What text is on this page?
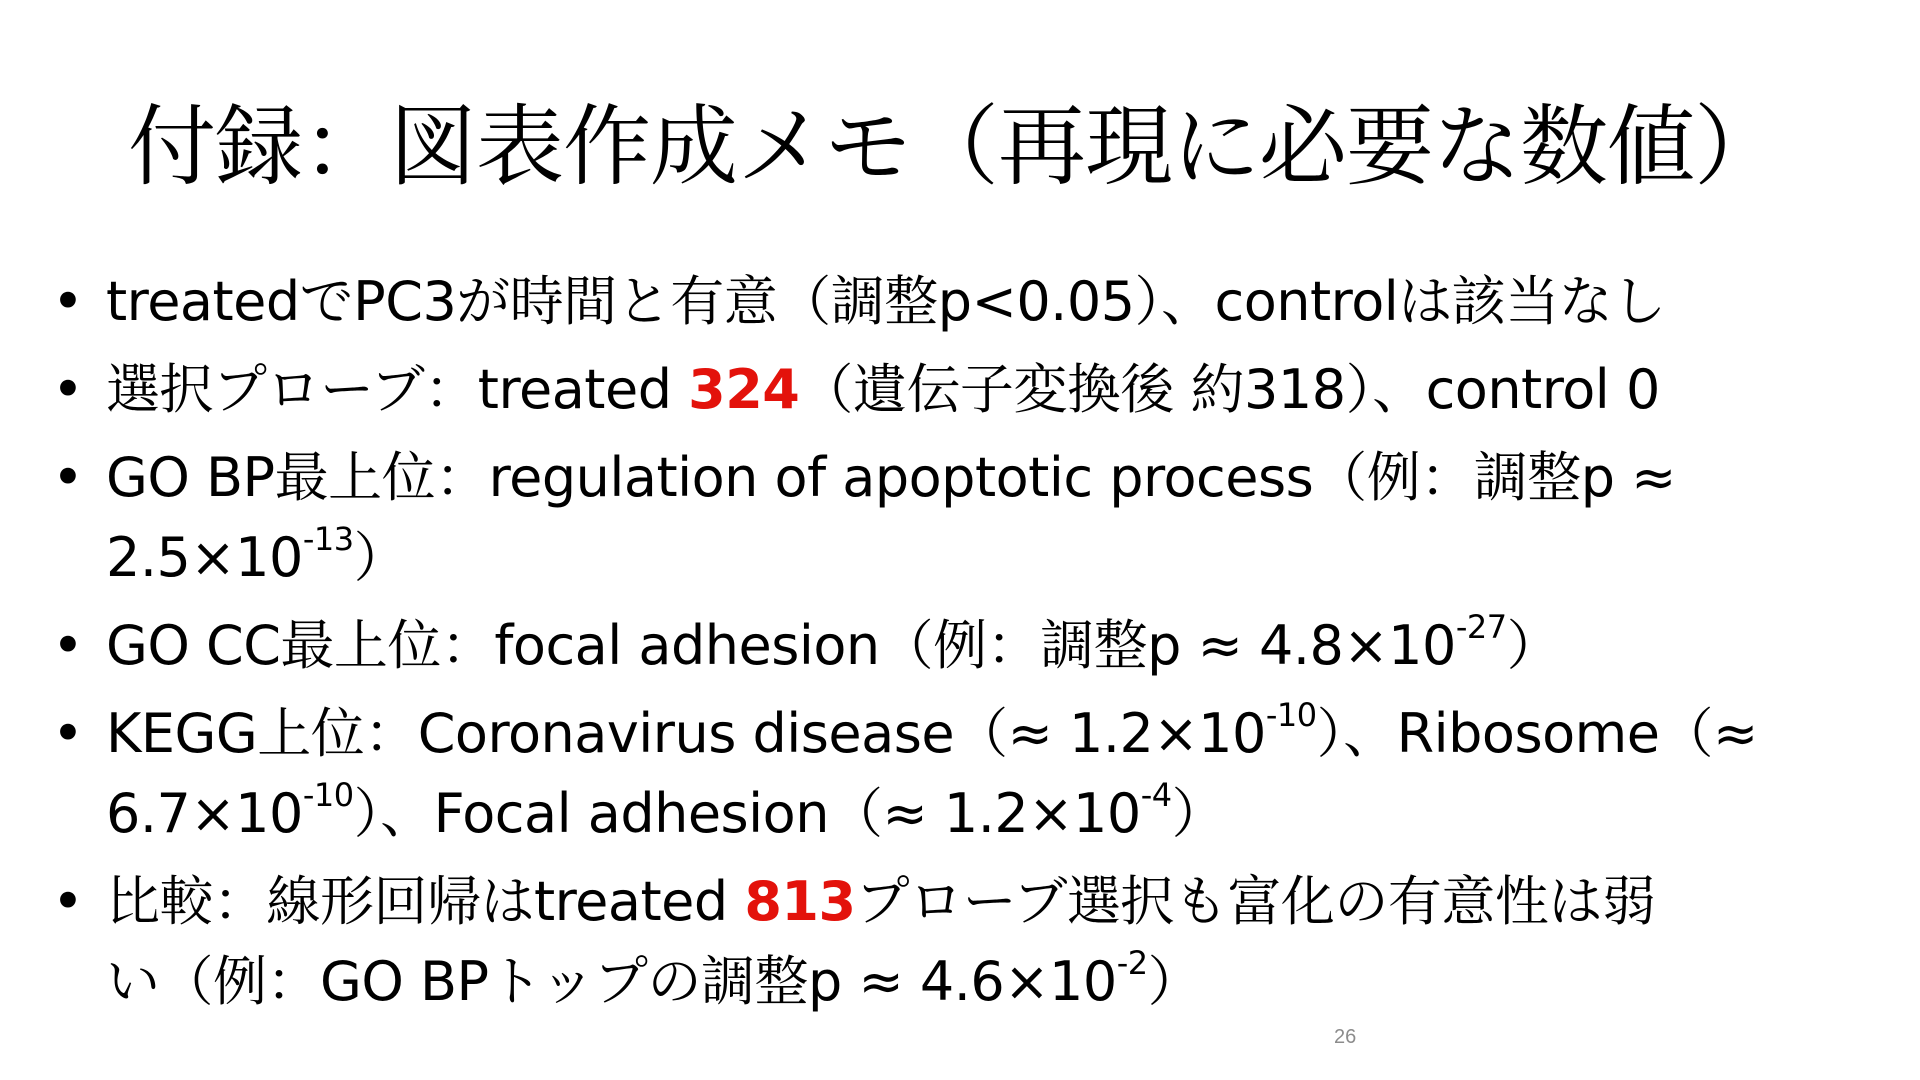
付録：図表作成メモ（再現に必要な数値）
• treatedでPC3が時間と有意（調整p<0.05）、controlは該当なし
• 選択プローブ：treated 324（遺伝子変換後 約318）、control 0
• GO BP最上位：regulation of apoptotic process（例：調整p ≈
$2.5\times 10^{-13}$）
• GO CC最上位：focal adhesion（例：調整$p \approx 4.8\times 10^{-27}$）
• KEGG上位：Coronavirus disease（≈ $1.2\times 10^{-10}$）、Ribosome（≈
$6.7\times 10^{-10}$）、Focal adhesion（≈ $1.2\times 10^{-4}$）
• 比較：線形回帰はtreated 813プローブ選択も富化の有意性は弱
い（例：GO BPトップの調整$p \approx 4.6\times 10^{-2}$）
26
